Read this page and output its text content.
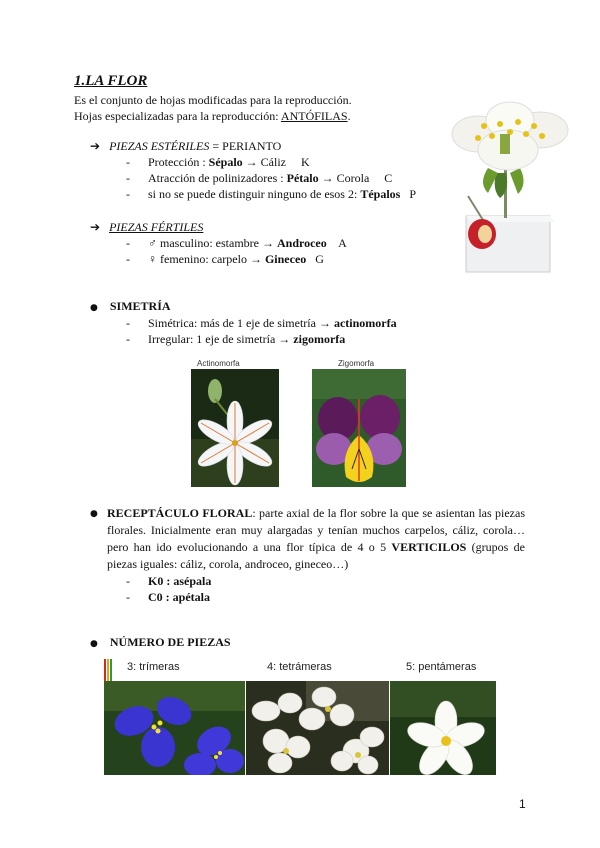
1.LA FLOR
Es el conjunto de hojas modificadas para la reproducción.
Hojas especializadas para la reproducción: ANTÓFILAS.
➔ PIEZAS ESTÉRILES = PERIANTO
- Protección : Sépalo → Cáliz     K
- Atracción de polinizadores : Pétalo → Corola     C
- si no se puede distinguir ninguno de esos 2: Tépalos   P
➔ PIEZAS FÉRTILES
- ♂ masculino: estambre → Androceo    A
- ♀ femenino: carpelo → Gineceo   G
● SIMETRÍA
- Simétrica: más de 1 eje de simetría → actinomorfa
- Irregular: 1 eje de simetría → zigomorfa
Actinomorfa	Zigomorfa
● RECEPTÁCULO FLORAL: parte axial de la flor sobre la que se asientan las piezas florales. Inicialmente eran muy alargadas y tenían muchos carpelos, cáliz, corola… pero han ido evolucionando a una flor típica de 4 o 5 VERTICILOS (grupos de piezas iguales: cáliz, corola, androceo, gineceo…)
- K0 : asépala
- C0 : apétala
● NÚMERO DE PIEZAS
3: trímeras	4: tetrámeras	5: pentámeras
1
